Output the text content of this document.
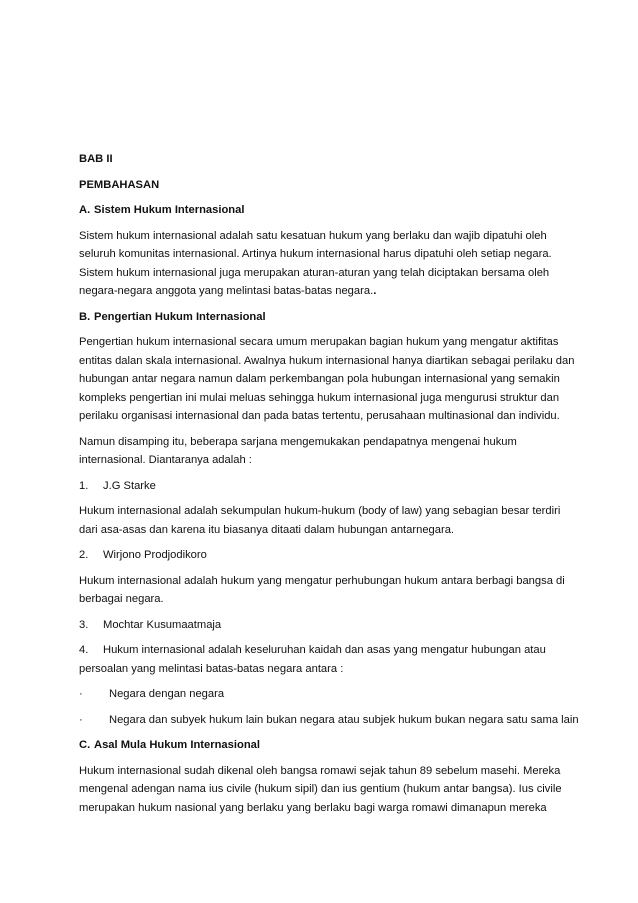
BAB II

PEMBAHASAN

A. Sistem Hukum Internasional

Sistem hukum internasional adalah satu kesatuan hukum yang berlaku dan wajib dipatuhi oleh

seluruh komunitas internasional. Artinya hukum internasional harus dipatuhi oleh setiap negara.

Sistem hukum internasional juga merupakan aturan-aturan yang telah diciptakan bersama oleh

negara-negara anggota yang melintasi batas-batas negara..

B. Pengertian Hukum Internasional

Pengertian hukum internasional secara umum merupakan bagian hukum yang mengatur aktifitas

entitas dalan skala internasional. Awalnya hukum internasional hanya diartikan sebagai perilaku dan

hubungan antar negara namun dalam perkembangan pola hubungan internasional yang semakin

kompleks pengertian ini mulai meluas sehingga hukum internasional juga mengurusi struktur dan

perilaku organisasi internasional dan pada batas tertentu, perusahaan multinasional dan individu.

Namun disamping itu, beberapa sarjana mengemukakan pendapatnya mengenai hukum

internasional. Diantaranya adalah :

1. J.G Starke

Hukum internasional adalah sekumpulan hukum-hukum (body of law) yang sebagian besar terdiri

dari asa-asas dan karena itu biasanya ditaati dalam hubungan antarnegara.

2. Wirjono Prodjodikoro

Hukum internasional adalah hukum yang mengatur perhubungan hukum antara berbagi bangsa di

berbagai negara.

3. Mochtar Kusumaatmaja

4. Hukum internasional adalah keseluruhan kaidah dan asas yang mengatur hubungan atau

persoalan yang melintasi batas-batas negara antara :

· Negara dengan negara

· Negara dan subyek hukum lain bukan negara atau subjek hukum bukan negara satu sama lain

C. Asal Mula Hukum Internasional

Hukum internasional sudah dikenal oleh bangsa romawi sejak tahun 89 sebelum masehi. Mereka

mengenal adengan nama ius civile (hukum sipil) dan ius gentium (hukum antar bangsa). Ius civile

merupakan hukum nasional yang berlaku yang berlaku bagi warga romawi dimanapun mereka
